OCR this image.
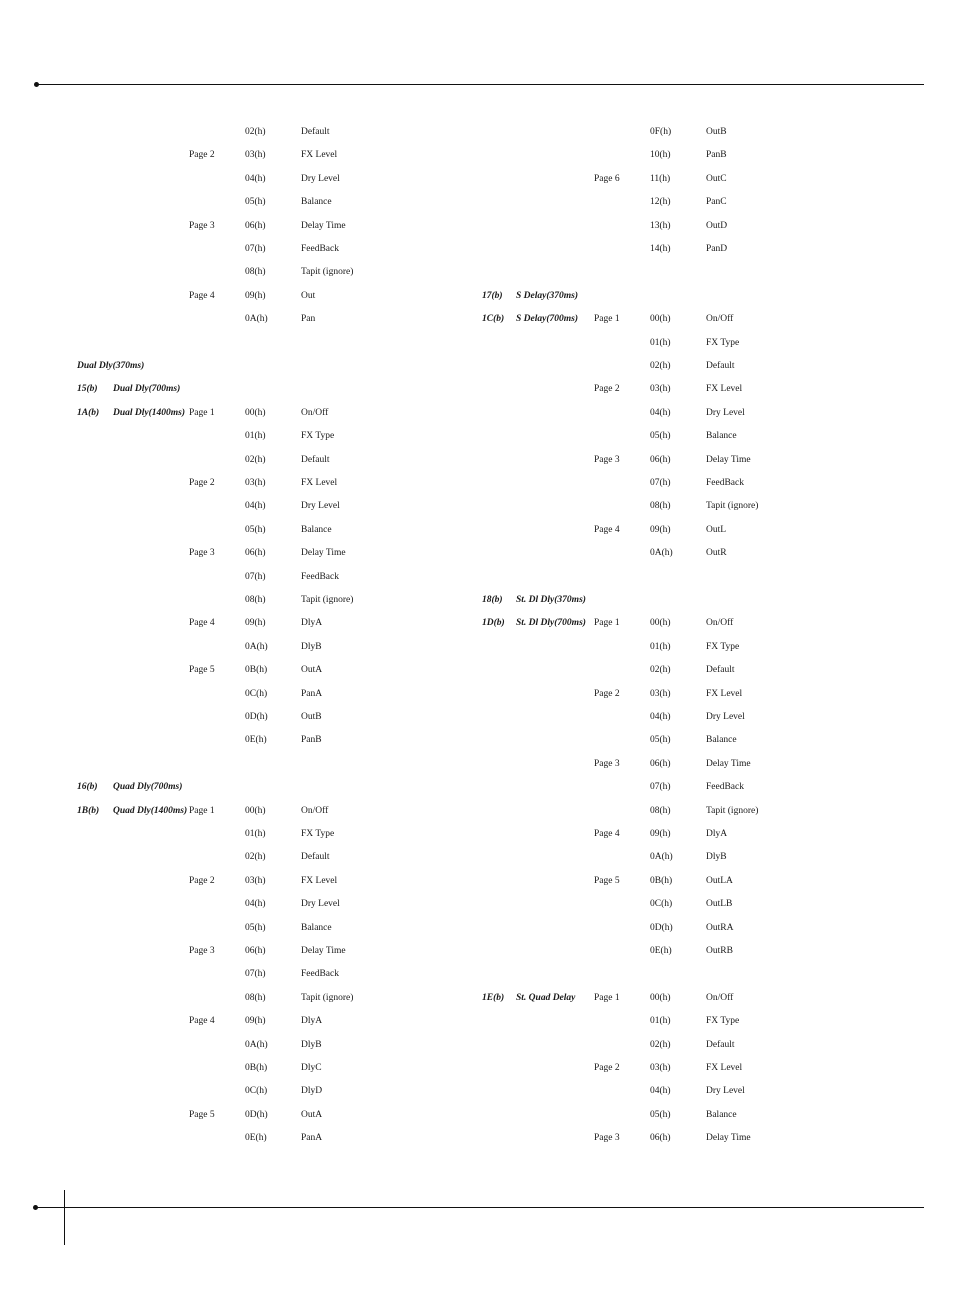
02(h)	Default
Page 2	03(h)	FX Level
04(h)	Dry Level
05(h)	Balance
Page 3	06(h)	Delay Time
07(h)	FeedBack
08(h)	Tapit (ignore)
Page 4	09(h)	Out
0A(h)	Pan
Dual Dly(370ms)
15(b) Dual Dly(700ms)
1A(b) Dual Dly(1400ms) Page 1	00(h)	On/Off
01(h)	FX Type
02(h)	Default
Page 2	03(h)	FX Level
04(h)	Dry Level
05(h)	Balance
Page 3	06(h)	Delay Time
07(h)	FeedBack
08(h)	Tapit (ignore)
Page 4	09(h)	DlyA
0A(h)	DlyB
Page 5	0B(h)	OutA
0C(h)	PanA
0D(h)	OutB
0E(h)	PanB
16(b) Quad Dly(700ms)
1B(b) Quad Dly(1400ms) Page 1	00(h)	On/Off
01(h)	FX Type
02(h)	Default
Page 2	03(h)	FX Level
04(h)	Dry Level
05(h)	Balance
Page 3	06(h)	Delay Time
07(h)	FeedBack
08(h)	Tapit (ignore)
Page 4	09(h)	DlyA
0A(h)	DlyB
0B(h)	DlyC
0C(h)	DlyD
Page 5	0D(h)	OutA
0E(h)	PanA
0F(h)	OutB
10(h)	PanB
Page 6	11(h)	OutC
12(h)	PanC
13(h)	OutD
14(h)	PanD
17(b) S Delay(370ms)
1C(b) S Delay(700ms) Page 1	00(h)	On/Off
01(h)	FX Type
02(h)	Default
Page 2	03(h)	FX Level
04(h)	Dry Level
05(h)	Balance
Page 3	06(h)	Delay Time
07(h)	FeedBack
08(h)	Tapit (ignore)
Page 4	09(h)	OutL
0A(h)	OutR
18(b) St. Dl Dly(370ms)
1D(b) St. Dl Dly(700ms) Page 1	00(h)	On/Off
01(h)	FX Type
02(h)	Default
Page 2	03(h)	FX Level
04(h)	Dry Level
05(h)	Balance
Page 3	06(h)	Delay Time
07(h)	FeedBack
08(h)	Tapit (ignore)
Page 4	09(h)	DlyA
0A(h)	DlyB
Page 5	0B(h)	OutLA
0C(h)	OutLB
0D(h)	OutRA
0E(h)	OutRB
1E(b) St. Quad Delay Page 1	00(h)	On/Off
01(h)	FX Type
02(h)	Default
Page 2	03(h)	FX Level
04(h)	Dry Level
05(h)	Balance
Page 3	06(h)	Delay Time
